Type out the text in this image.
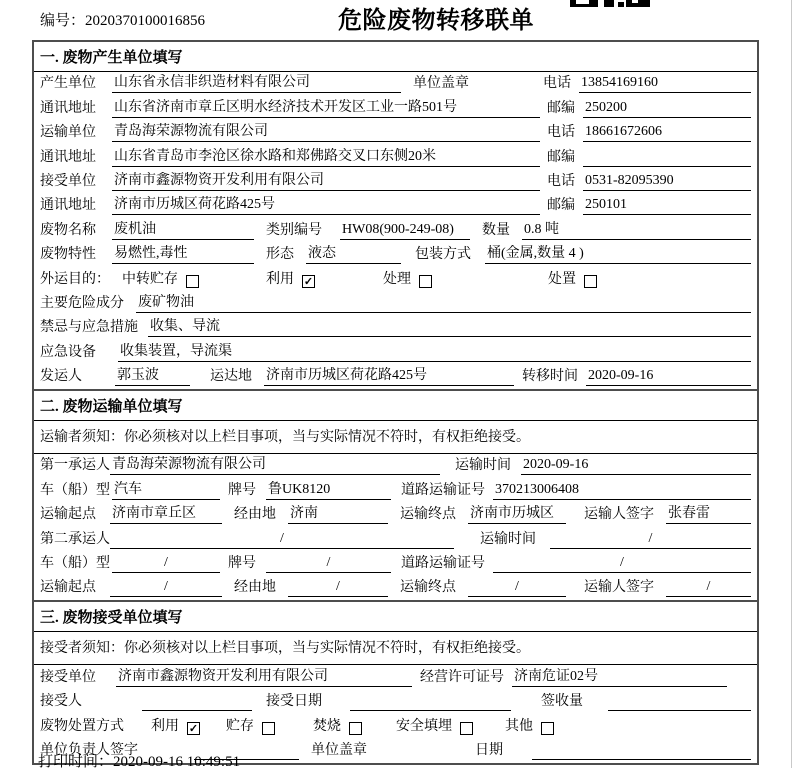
编号：2020370100016856	危险废物转移联单
一. 废物产生单位填写
产生单位	山东省永信非织造材料有限公司	单位盖章	电话 13854169160
通讯地址	山东省济南市章丘区明水经济技术开发区工业一路501号	邮编 250200
运输单位	青岛海荣源物流有限公司	电话 18661672606
通讯地址	山东省青岛市李沧区徐水路和郑佛路交叉口东侧20米	邮编
接受单位	济南市鑫源物资开发利用有限公司	电话 0531-82095390
通讯地址	济南市历城区荷花路425号	邮编 250101
废物名称	废机油	类别编号 HW08(900-249-08)	数量 0.8 吨
废物特性	易燃性,毒性	形态 液态	包装方式 桶(金属,数量 4 )
外运目的： 中转贮存	利用 ✓	处理	处置
主要危险成分 废矿物油
禁忌与应急措施 收集、导流
应急设备	收集装置，导流渠
发运人	郭玉波	运达地 济南市历城区荷花路425号	转移时间 2020-09-16
二. 废物运输单位填写
运输者须知：你必须核对以上栏目事项，当与实际情况不符时，有权拒绝接受。
第一承运人 青岛海荣源物流有限公司	运输时间 2020-09-16
车（船）型 汽车	牌号 鲁UK8120	道路运输证号 370213006408
运输起点	济南市章丘区	经由地 济南	运输终点 济南市历城区	运输人签字 张春雷
第二承运人	/	运输时间	/
车（船）型	/	牌号	/	道路运输证号	/
运输起点	/	经由地	/	运输终点	/	运输人签字	/
三. 废物接受单位填写
接受者须知：你必须核对以上栏目事项，当与实际情况不符时，有权拒绝接受。
接受单位	济南市鑫源物资开发利用有限公司	经营许可证号 济南危证02号
接受人	接受日期	签收量
废物处置方式 利用 ✓ 贮存	焚烧	安全填埋	其他
单位负责人签字	单位盖章	日期
打印时间：2020-09-16 10:49:51
